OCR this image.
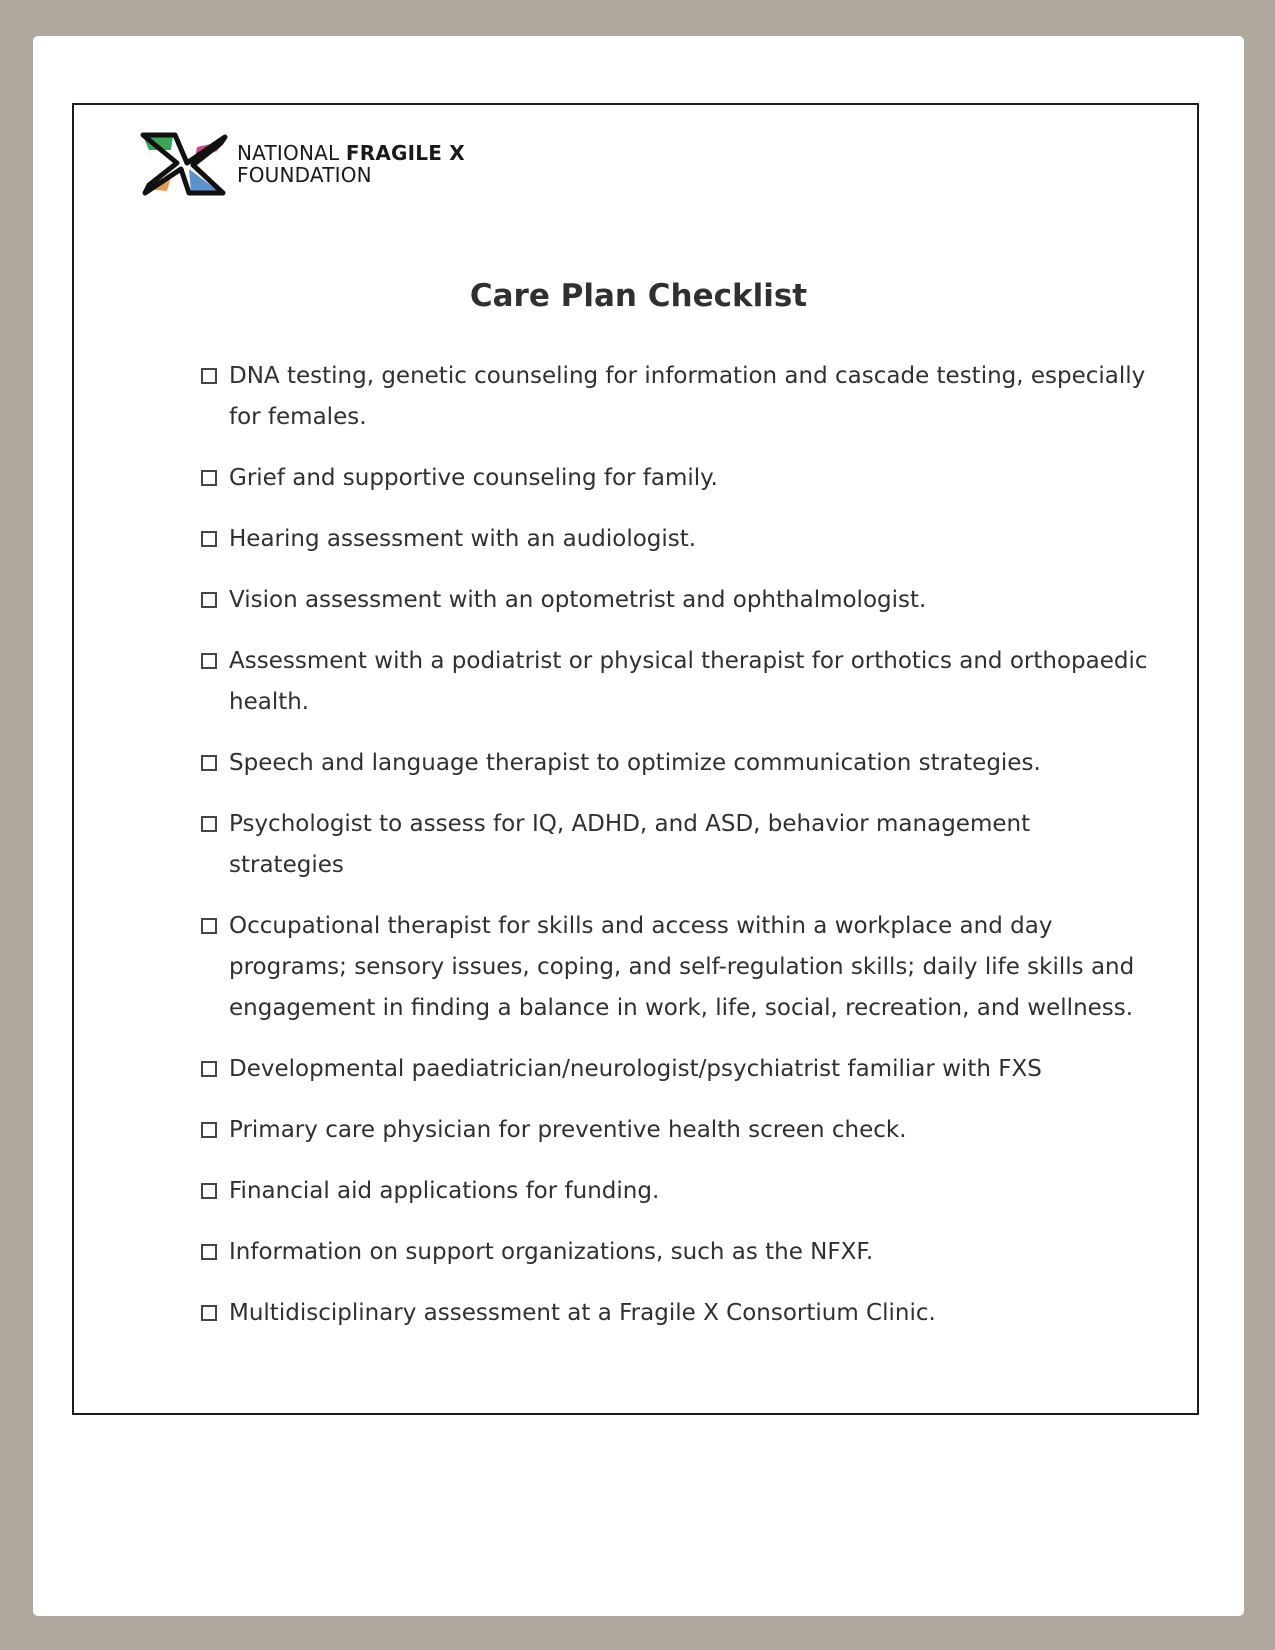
NATIONAL FRAGILE X
FOUNDATION
Care Plan Checklist
DNA testing, genetic counseling for information and cascade testing, especially for females.
Grief and supportive counseling for family.
Hearing assessment with an audiologist.
Vision assessment with an optometrist and ophthalmologist.
Assessment with a podiatrist or physical therapist for orthotics and orthopaedic health.
Speech and language therapist to optimize communication strategies.
Psychologist to assess for IQ, ADHD, and ASD, behavior management strategies
Occupational therapist for skills and access within a workplace and day programs; sensory issues, coping, and self-regulation skills; daily life skills and engagement in finding a balance in work, life, social, recreation, and wellness.
Developmental paediatrician/neurologist/psychiatrist familiar with FXS
Primary care physician for preventive health screen check.
Financial aid applications for funding.
Information on support organizations, such as the NFXF.
Multidisciplinary assessment at a Fragile X Consortium Clinic.
